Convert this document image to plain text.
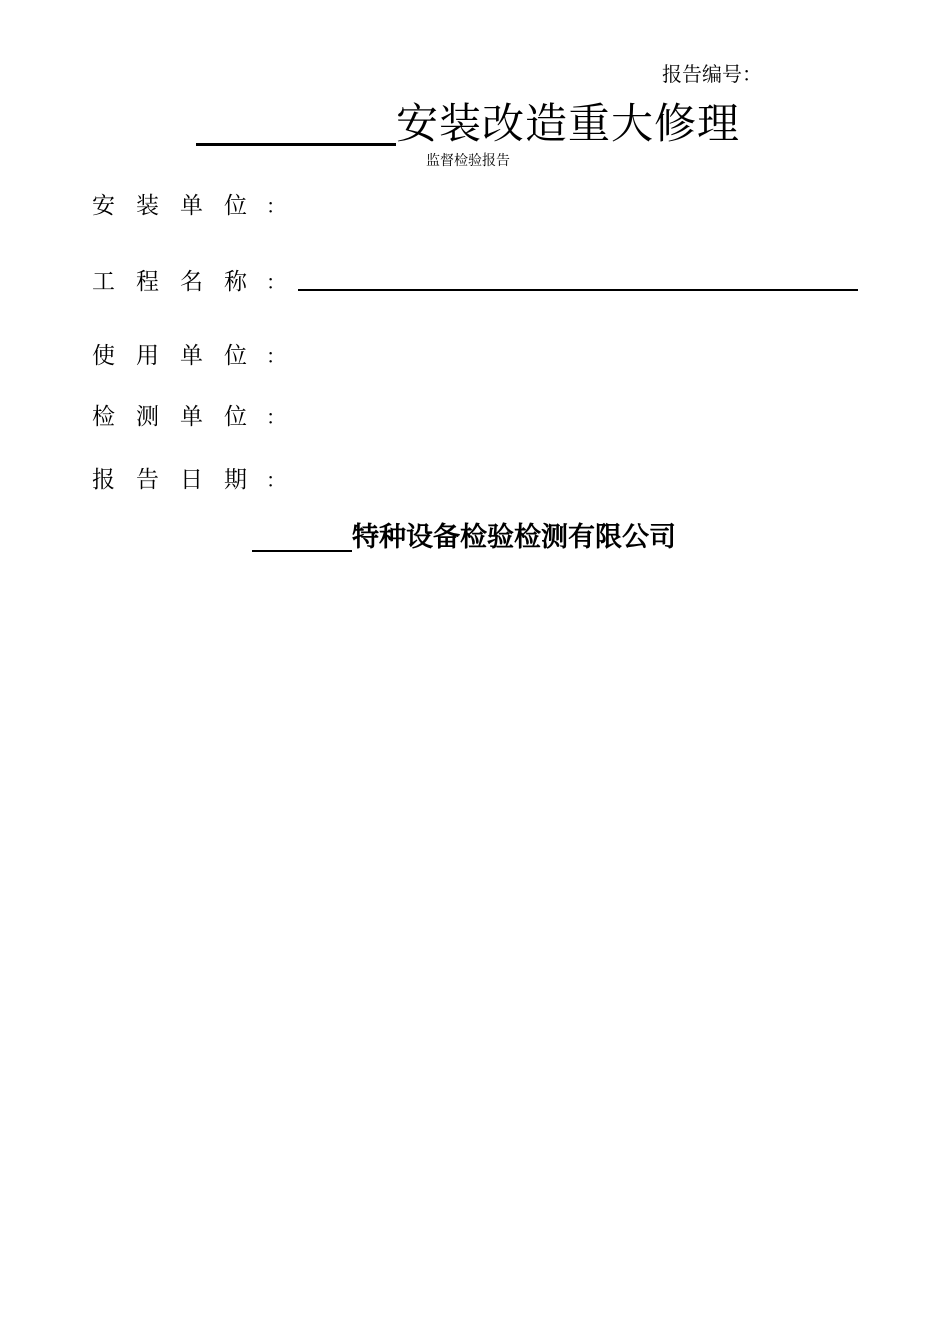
报告编号：
安装改造重大修理
监督检验报告
安装单位
：
工程名称
：
使用单位
：
检测单位
：
报告日期
：
特种设备检验检测有限公司
